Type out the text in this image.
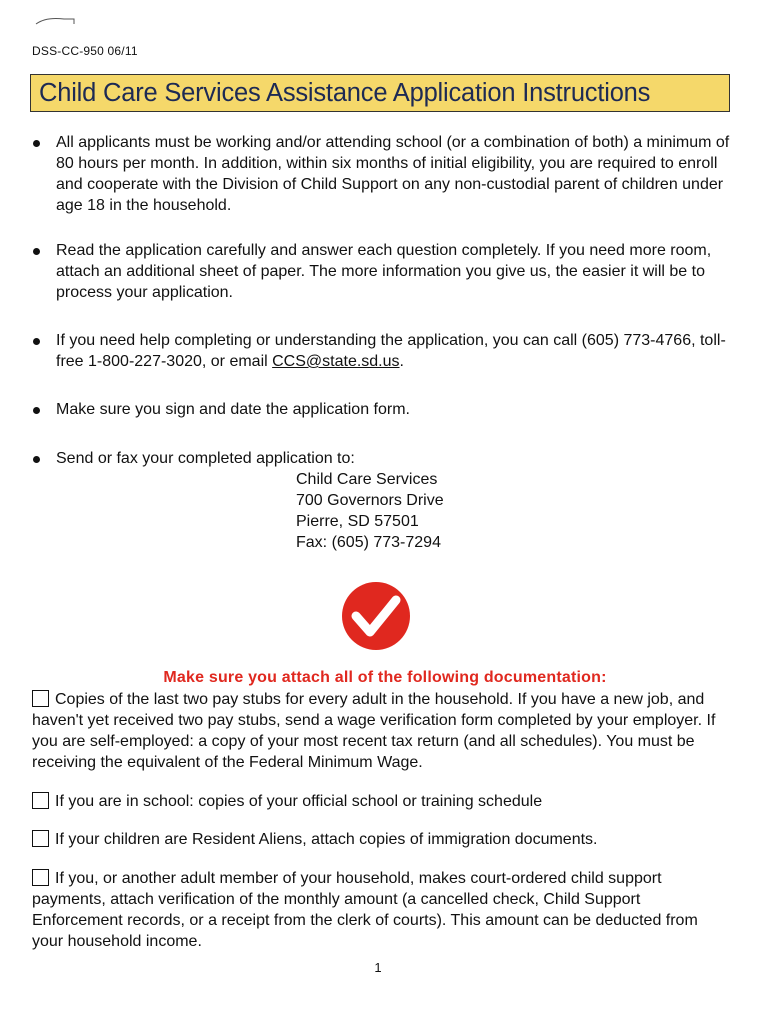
DSS-CC-950 06/11
Child Care Services Assistance Application Instructions
All applicants must be working and/or attending school (or a combination of both) a minimum of 80 hours per month. In addition, within six months of initial eligibility, you are required to enroll and cooperate with the Division of Child Support on any non-custodial parent of children under age 18 in the household.
Read the application carefully and answer each question completely. If you need more room, attach an additional sheet of paper. The more information you give us, the easier it will be to process your application.
If you need help completing or understanding the application, you can call (605) 773-4766, toll-free 1-800-227-3020, or email CCS@state.sd.us.
Make sure you sign and date the application form.
Send or fax your completed application to:
Child Care Services
700 Governors Drive
Pierre, SD 57501
Fax: (605) 773-7294
Make sure you attach all of the following documentation:
Copies of the last two pay stubs for every adult in the household. If you have a new job, and haven't yet received two pay stubs, send a wage verification form completed by your employer. If you are self-employed: a copy of your most recent tax return (and all schedules). You must be receiving the equivalent of the Federal Minimum Wage.
If you are in school: copies of your official school or training schedule
If your children are Resident Aliens, attach copies of immigration documents.
If you, or another adult member of your household, makes court-ordered child support payments, attach verification of the monthly amount (a cancelled check, Child Support Enforcement records, or a receipt from the clerk of courts). This amount can be deducted from your household income.
1
